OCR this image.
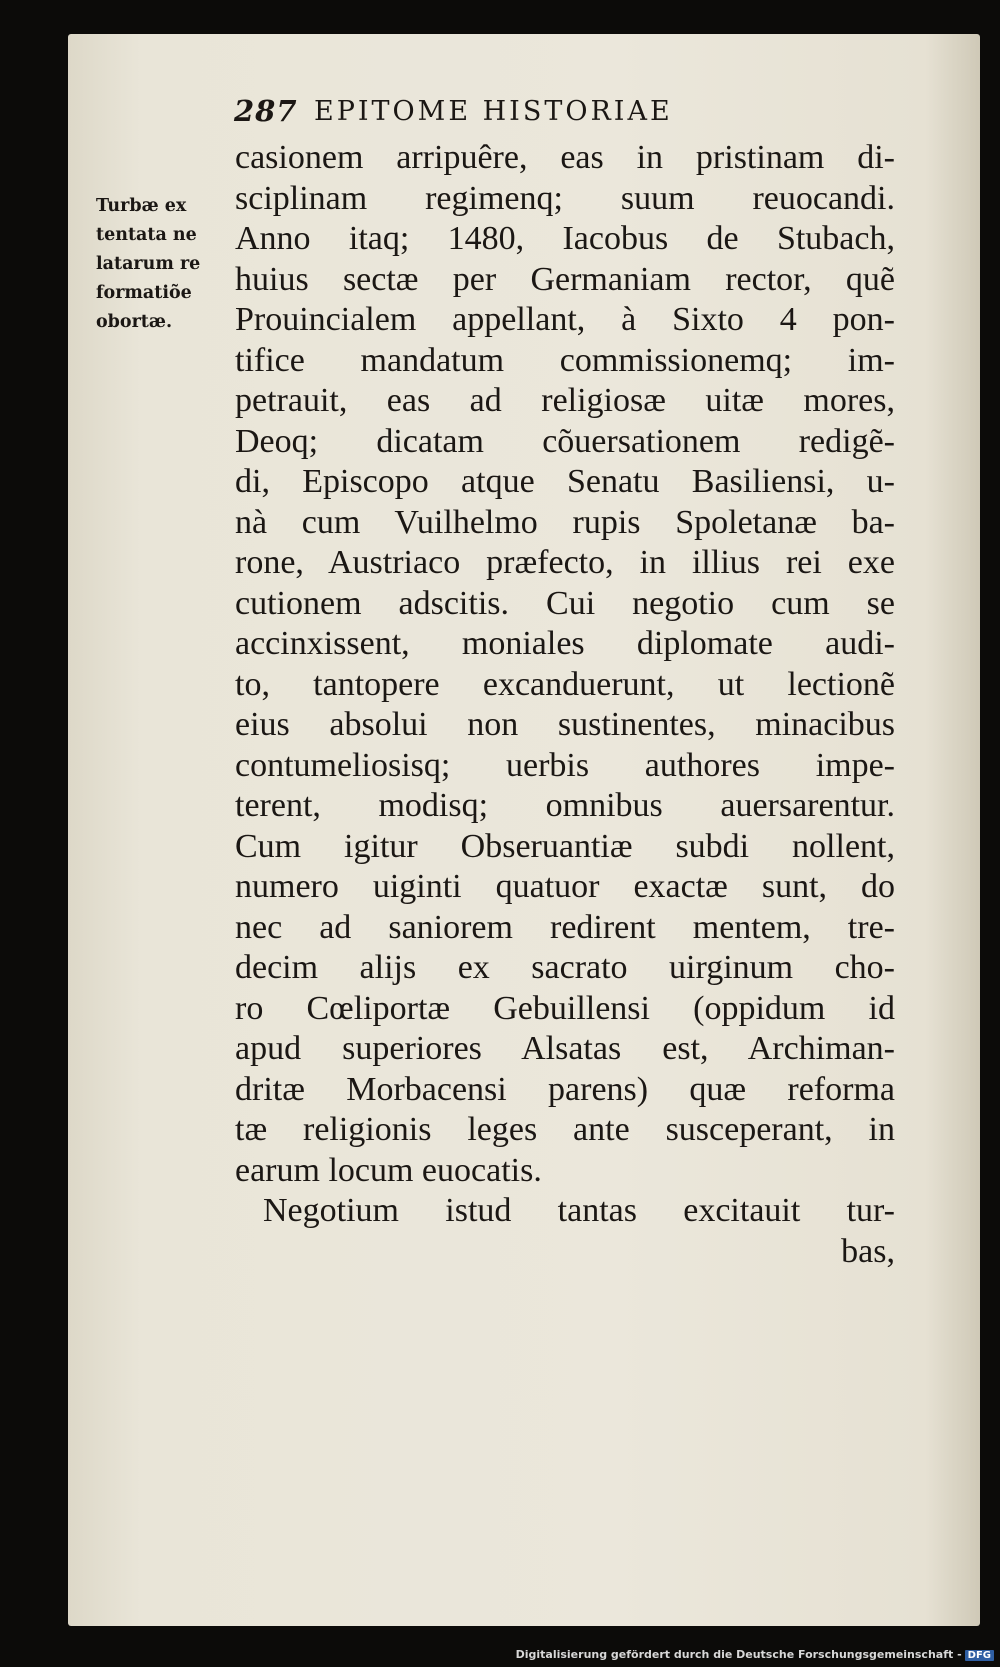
287 EPITOME HISTORIAE
Turbæ ex
tentata ne
latarum re
formatiõe
obortæ.
casionem arripuêre, eas in pristinam di-
sciplinam regimenq; suum reuocandi.
Anno itaq; 1480, Iacobus de Stubach,
huius sectæ per Germaniam rector, quẽ
Prouincialem appellant, à Sixto 4 pon-
tifice mandatum commissionemq; im-
petrauit, eas ad religiosæ uitæ mores,
Deoq; dicatam cõuersationem redigẽ-
di, Episcopo atque Senatu Basiliensi, u-
nà cum Vuilhelmo rupis Spoletanæ ba-
rone, Austriaco præfecto, in illius rei exe
cutionem adscitis. Cui negotio cum se
accinxissent, moniales diplomate audi-
to, tantopere excanduerunt, ut lectionẽ
eius absolui non sustinentes, minacibus
contumeliosisq; uerbis authores impe-
terent, modisq; omnibus auersarentur.
Cum igitur Obseruantiæ subdi nollent,
numero uiginti quatuor exactæ sunt, do
nec ad saniorem redirent mentem, tre-
decim alijs ex sacrato uirginum cho-
ro Cœliportæ Gebuillensi (oppidum id
apud superiores Alsatas est, Archiman-
dritæ Morbacensi parens) quæ reforma
tæ religionis leges ante susceperant, in
earum locum euocatis.
Negotium istud tantas excitauit tur-
bas,
Digitalisierung gefördert durch die Deutsche Forschungsgemeinschaft - DFG
